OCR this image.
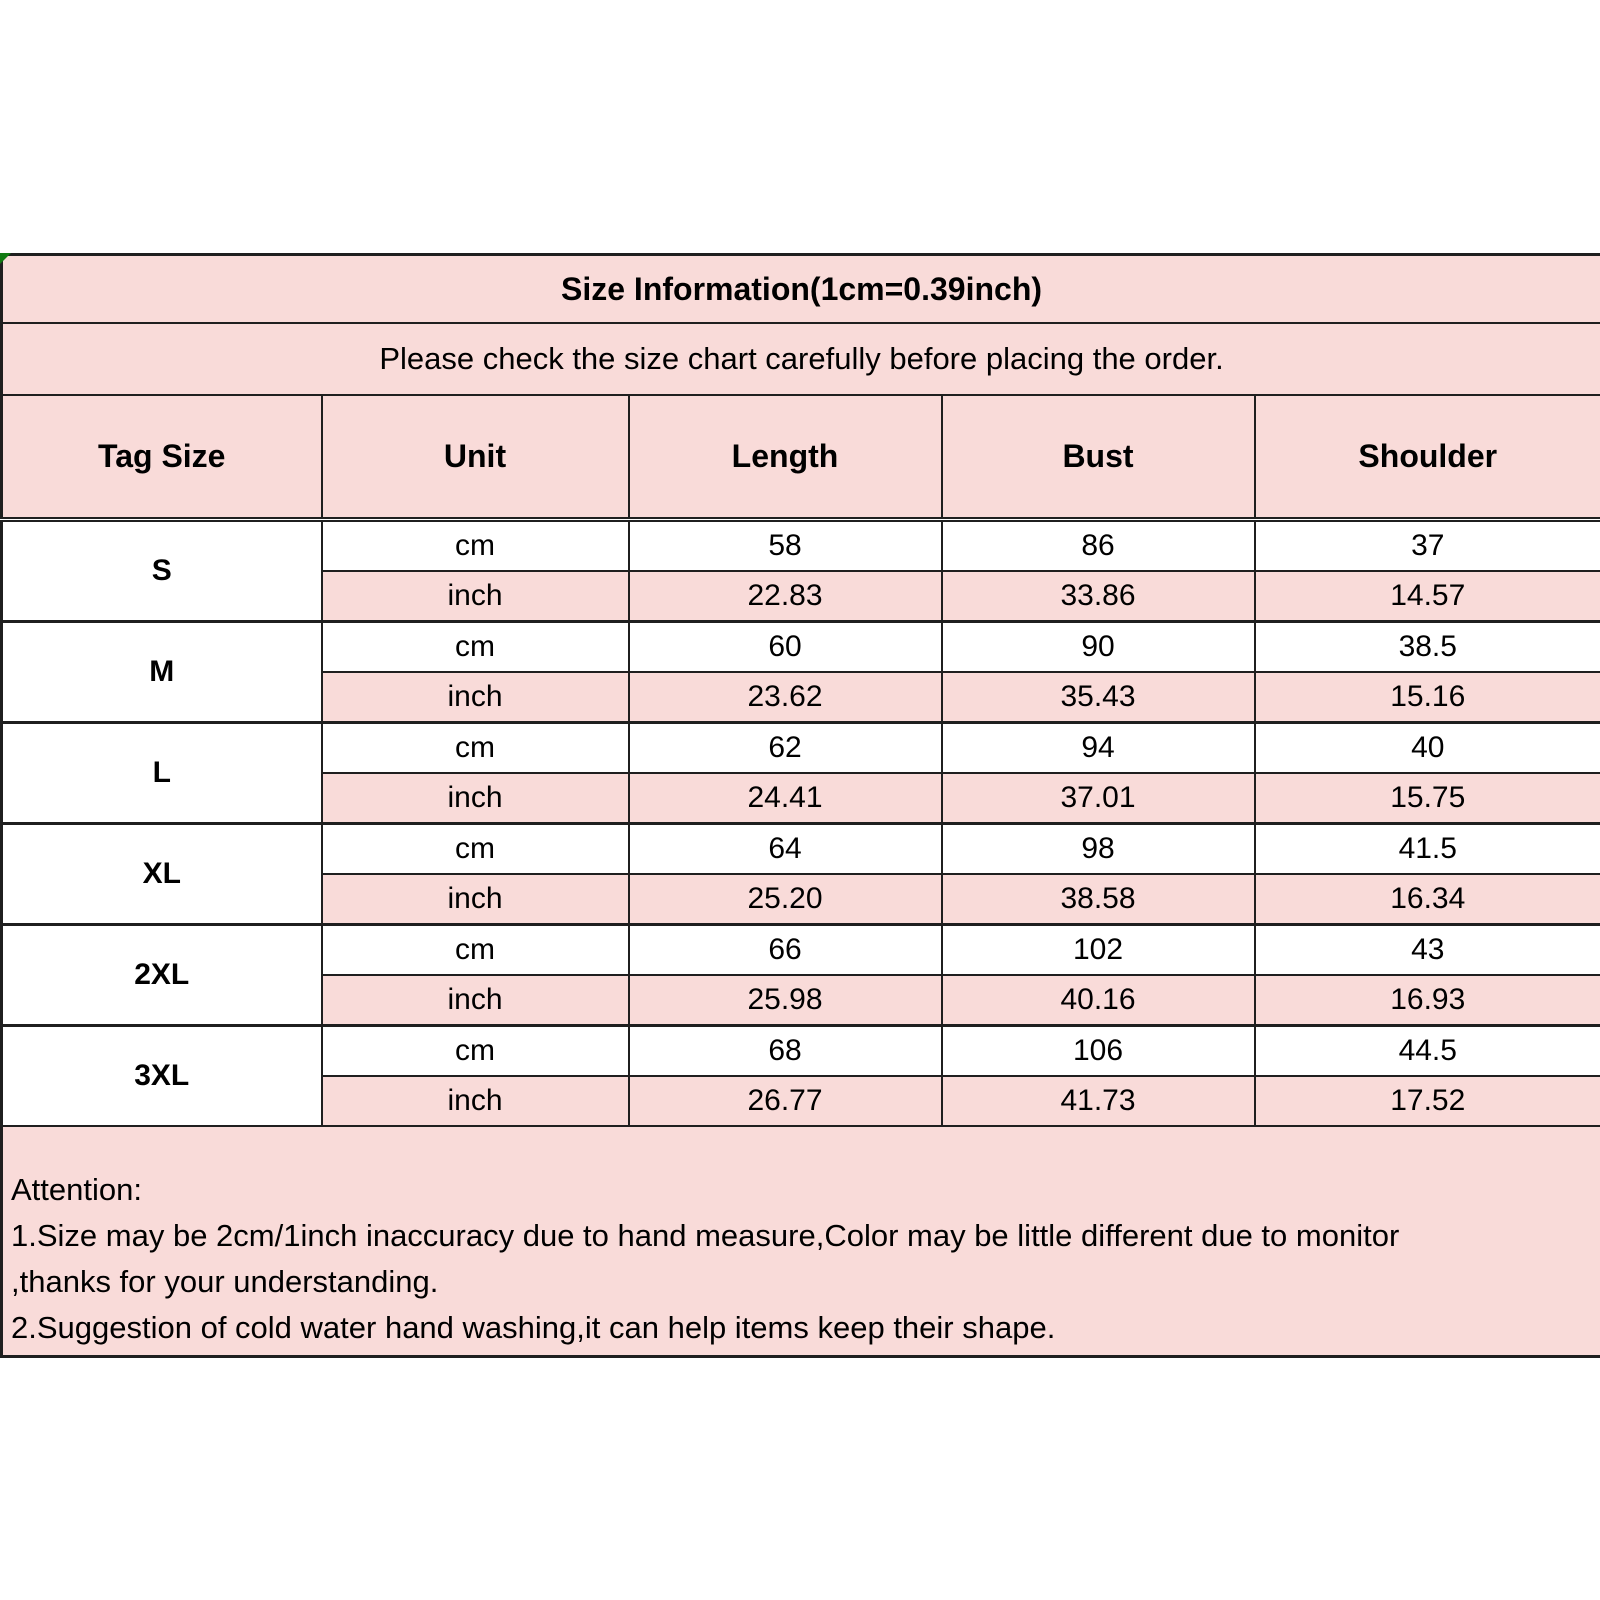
Size Information(1cm=0.39inch)				
Please check the size chart carefully before placing the order.				
Tag Size	Unit	Length	Bust	Shoulder
S	cm	58	86	37
	inch	22.83	33.86	14.57
M	cm	60	90	38.5
	inch	23.62	35.43	15.16
L	cm	62	94	40
	inch	24.41	37.01	15.75
XL	cm	64	98	41.5
	inch	25.20	38.58	16.34
2XL	cm	66	102	43
	inch	25.98	40.16	16.93
3XL	cm	68	106	44.5
	inch	26.77	41.73	17.52

Attention:
1.Size may be 2cm/1inch inaccuracy due to hand measure,Color may be little different due to monitor
,thanks for your understanding.
2.Suggestion of cold water hand washing,it can help items keep their shape.				
